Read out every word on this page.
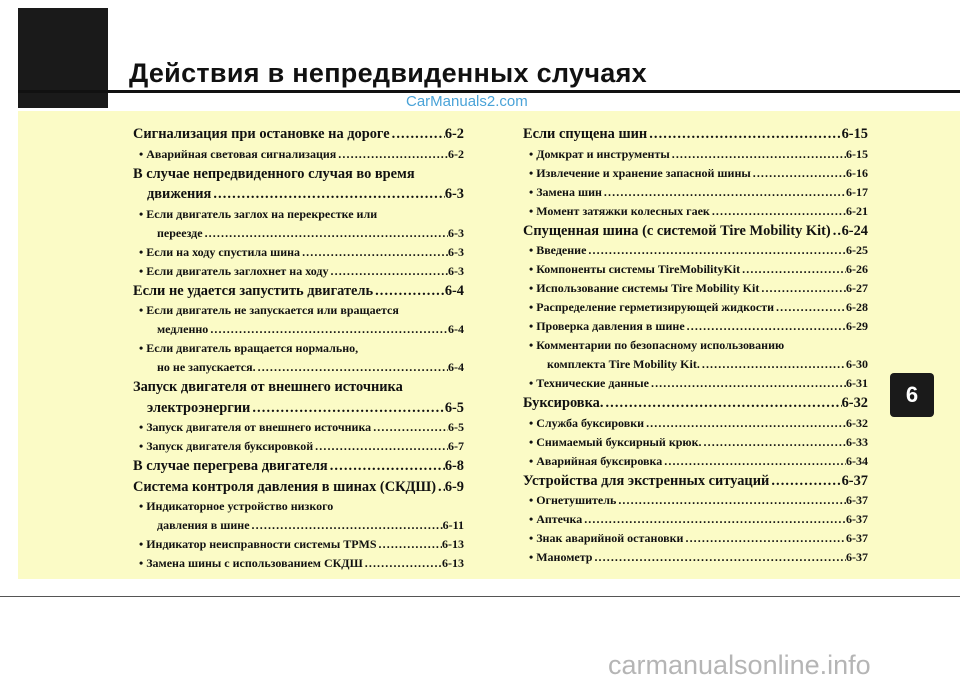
Действия в непредвиденных случаях
CarManuals2.com
Сигнализация при остановке на дороге .....	6-2
• Аварийная световая сигнализация .....	6-2
В случае непредвиденного случая во время
движения .....	6-3
• Если двигатель заглох на перекрестке или
переезде .....	6-3
• Если на ходу спустила шина .....	6-3
• Если двигатель заглохнет на ходу .....	6-3
Если не удается запустить двигатель .....	6-4
• Если двигатель не запускается или вращается
медленно .....	6-4
• Если двигатель вращается нормально,
но не запускается. .....	6-4
Запуск двигателя от внешнего источника
электроэнергии .....	6-5
• Запуск двигателя от внешнего источника .....	6-5
• Запуск двигателя буксировкой .....	6-7
В случае перегрева двигателя .....	6-8
Система контроля давления в шинах (СКДШ) ..... 6-9
• Индикаторное устройство низкого
давления в шине .....	6-11
• Индикатор неисправности системы TPMS .....	6-13
• Замена шины с использованием СКДШ .....	6-13
Если спущена шин .....	6-15
• Домкрат и инструменты .....	6-15
• Извлечение и хранение запасной шины .....	6-16
• Замена шин .....	6-17
• Момент затяжки колесных гаек .....	6-21
Спущенная шина (с системой Tire Mobility Kit) ..... 6-24
• Введение .....	6-25
• Компоненты системы TireMobilityKit .....	6-26
• Использование системы Tire Mobility Kit .....	6-27
• Распределение герметизирующей жидкости .....	6-28
• Проверка давления в шине .....	6-29
• Комментарии по безопасному использованию
комплекта Tire Mobility Kit. .....	6-30
• Технические данные .....	6-31
Буксировка. .....	6-32
• Служба буксировки .....	6-32
• Снимаемый буксирный крюк. .....	6-33
• Аварийная буксировка .....	6-34
Устройства для экстренных ситуаций .....	6-37
• Огнетушитель .....	6-37
• Аптечка .....	6-37
• Знак аварийной остановки .....	6-37
• Манометр .....	6-37
6
carmanualsonline.info
